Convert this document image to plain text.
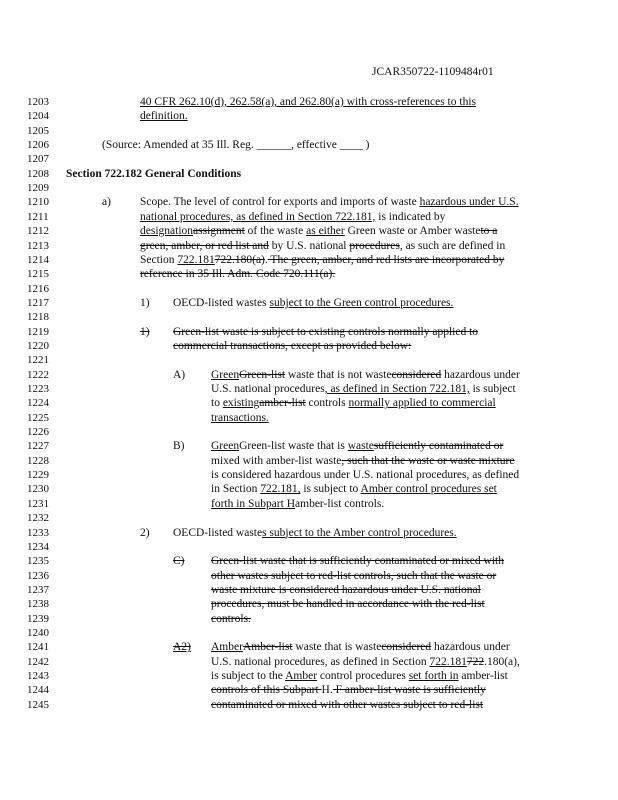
JCAR350722-1109484r01
1203	40 CFR 262.10(d), 262.58(a), and 262.80(a) with cross-references to this
1204	definition.
1205
1206	(Source: Amended at 35 Ill. Reg. ______, effective ____ )
1207
1208	Section 722.182 General Conditions
1209
1210	a)	Scope. The level of control for exports and imports of waste hazardous under U.S.
1211	national procedures, as defined in Section 722.181, is indicated by
1212	designationassignment of the waste as either Green waste or Amber wasteto a
1213	green, amber, or red list and by U.S. national procedures, as such are defined in
1214	Section 722.181722.180(a). The green, amber, and red lists are incorporated by
1215	reference in 35 Ill. Adm. Code 720.111(a).
1216
1217	1) OECD-listed wastes subject to the Green control procedures.
1218
1219	1) Green-list waste is subject to existing controls normally applied to
1220	commercial transactions, except as provided below:
1221
1222	A) GreenGreen-list waste that is not wasteconsidered hazardous under
1223	U.S. national procedures, as defined in Section 722.181, is subject
1224	to existingamber-list controls normally applied to commercial
1225	transactions.
1226
1227	B) GreenGreen-list waste that is wastesufficiently contaminated or
1228	mixed with amber-list waste, such that the waste or waste mixture
1229	is considered hazardous under U.S. national procedures, as defined
1230	in Section 722.181, is subject to Amber control procedures set
1231	forth in Subpart Hamber-list controls.
1232
1233	2) OECD-listed wastes subject to the Amber control procedures.
1234
1235	C) Green-list waste that is sufficiently contaminated or mixed with
1236	other wastes subject to red-list controls, such that the waste or
1237	waste mixture is considered hazardous under U.S. national
1238	procedures, must be handled in accordance with the red-list
1239	controls.
1240
1241	A2) AmberAmber-list waste that is wasteconsidered hazardous under
1242	U.S. national procedures, as defined in Section 722.181722.180(a),
1243	is subject to the Amber control procedures set forth in amber-list
1244	controls of this Subpart H. F amber-list waste is sufficiently
1245	contaminated or mixed with other wastes subject to red-list
